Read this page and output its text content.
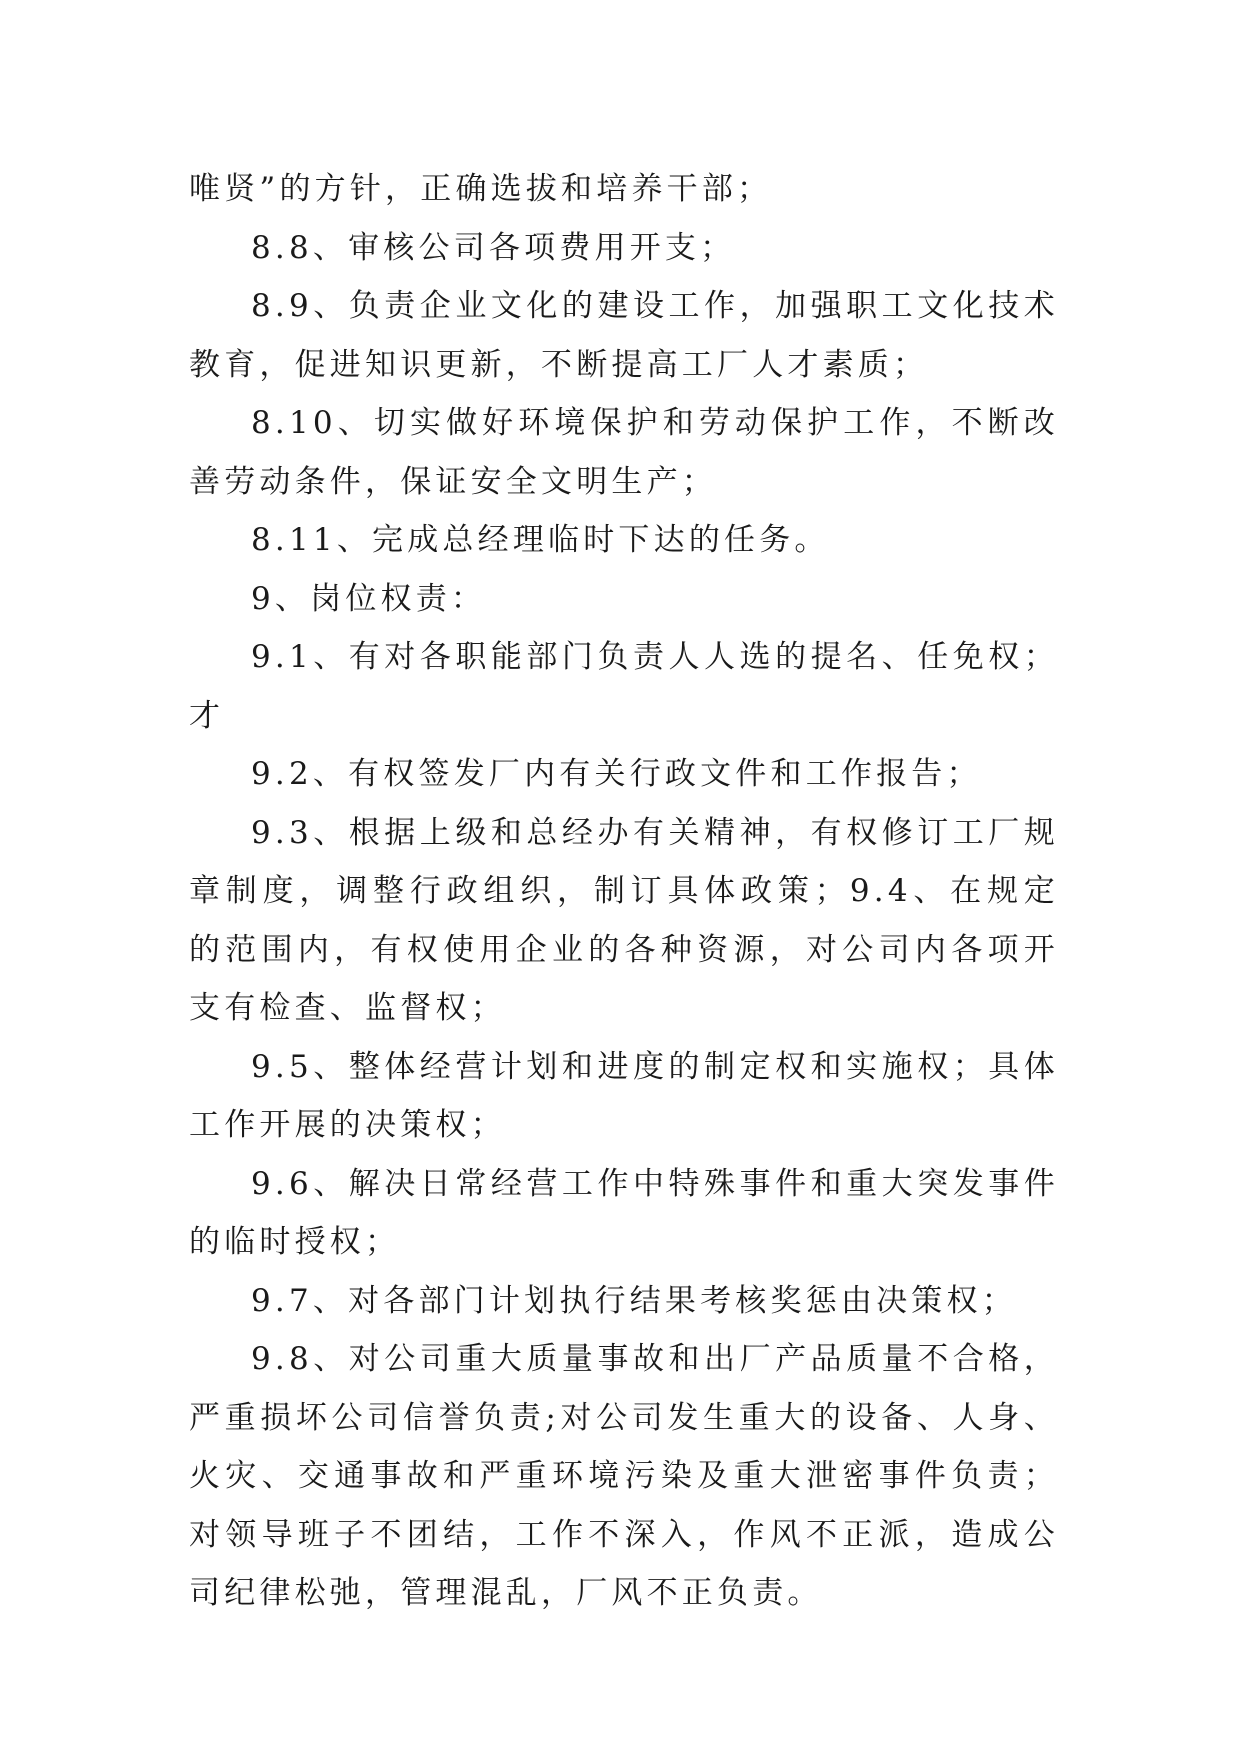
唯贤”的方针，正确选拔和培养干部；

8.8、审核公司各项费用开支；

8.9、负责企业文化的建设工作，加强职工文化技术教育，促进知识更新，不断提高工厂人才素质；

8.10、切实做好环境保护和劳动保护工作，不断改善劳动条件，保证安全文明生产；

8.11、完成总经理临时下达的任务。

9、岗位权责：

9.1、有对各职能部门负责人人选的提名、任免权；才

9.2、有权签发厂内有关行政文件和工作报告；

9.3、根据上级和总经办有关精神，有权修订工厂规章制度，调整行政组织，制订具体政策；9.4、在规定的范围内，有权使用企业的各种资源，对公司内各项开支有检查、监督权；

9.5、整体经营计划和进度的制定权和实施权；具体工作开展的决策权；

9.6、解决日常经营工作中特殊事件和重大突发事件的临时授权；

9.7、对各部门计划执行结果考核奖惩由决策权；

9.8、对公司重大质量事故和出厂产品质量不合格，严重损坏公司信誉负责;对公司发生重大的设备、人身、火灾、交通事故和严重环境污染及重大泄密事件负责；对领导班子不团结，工作不深入，作风不正派，造成公司纪律松弛，管理混乱，厂风不正负责。
